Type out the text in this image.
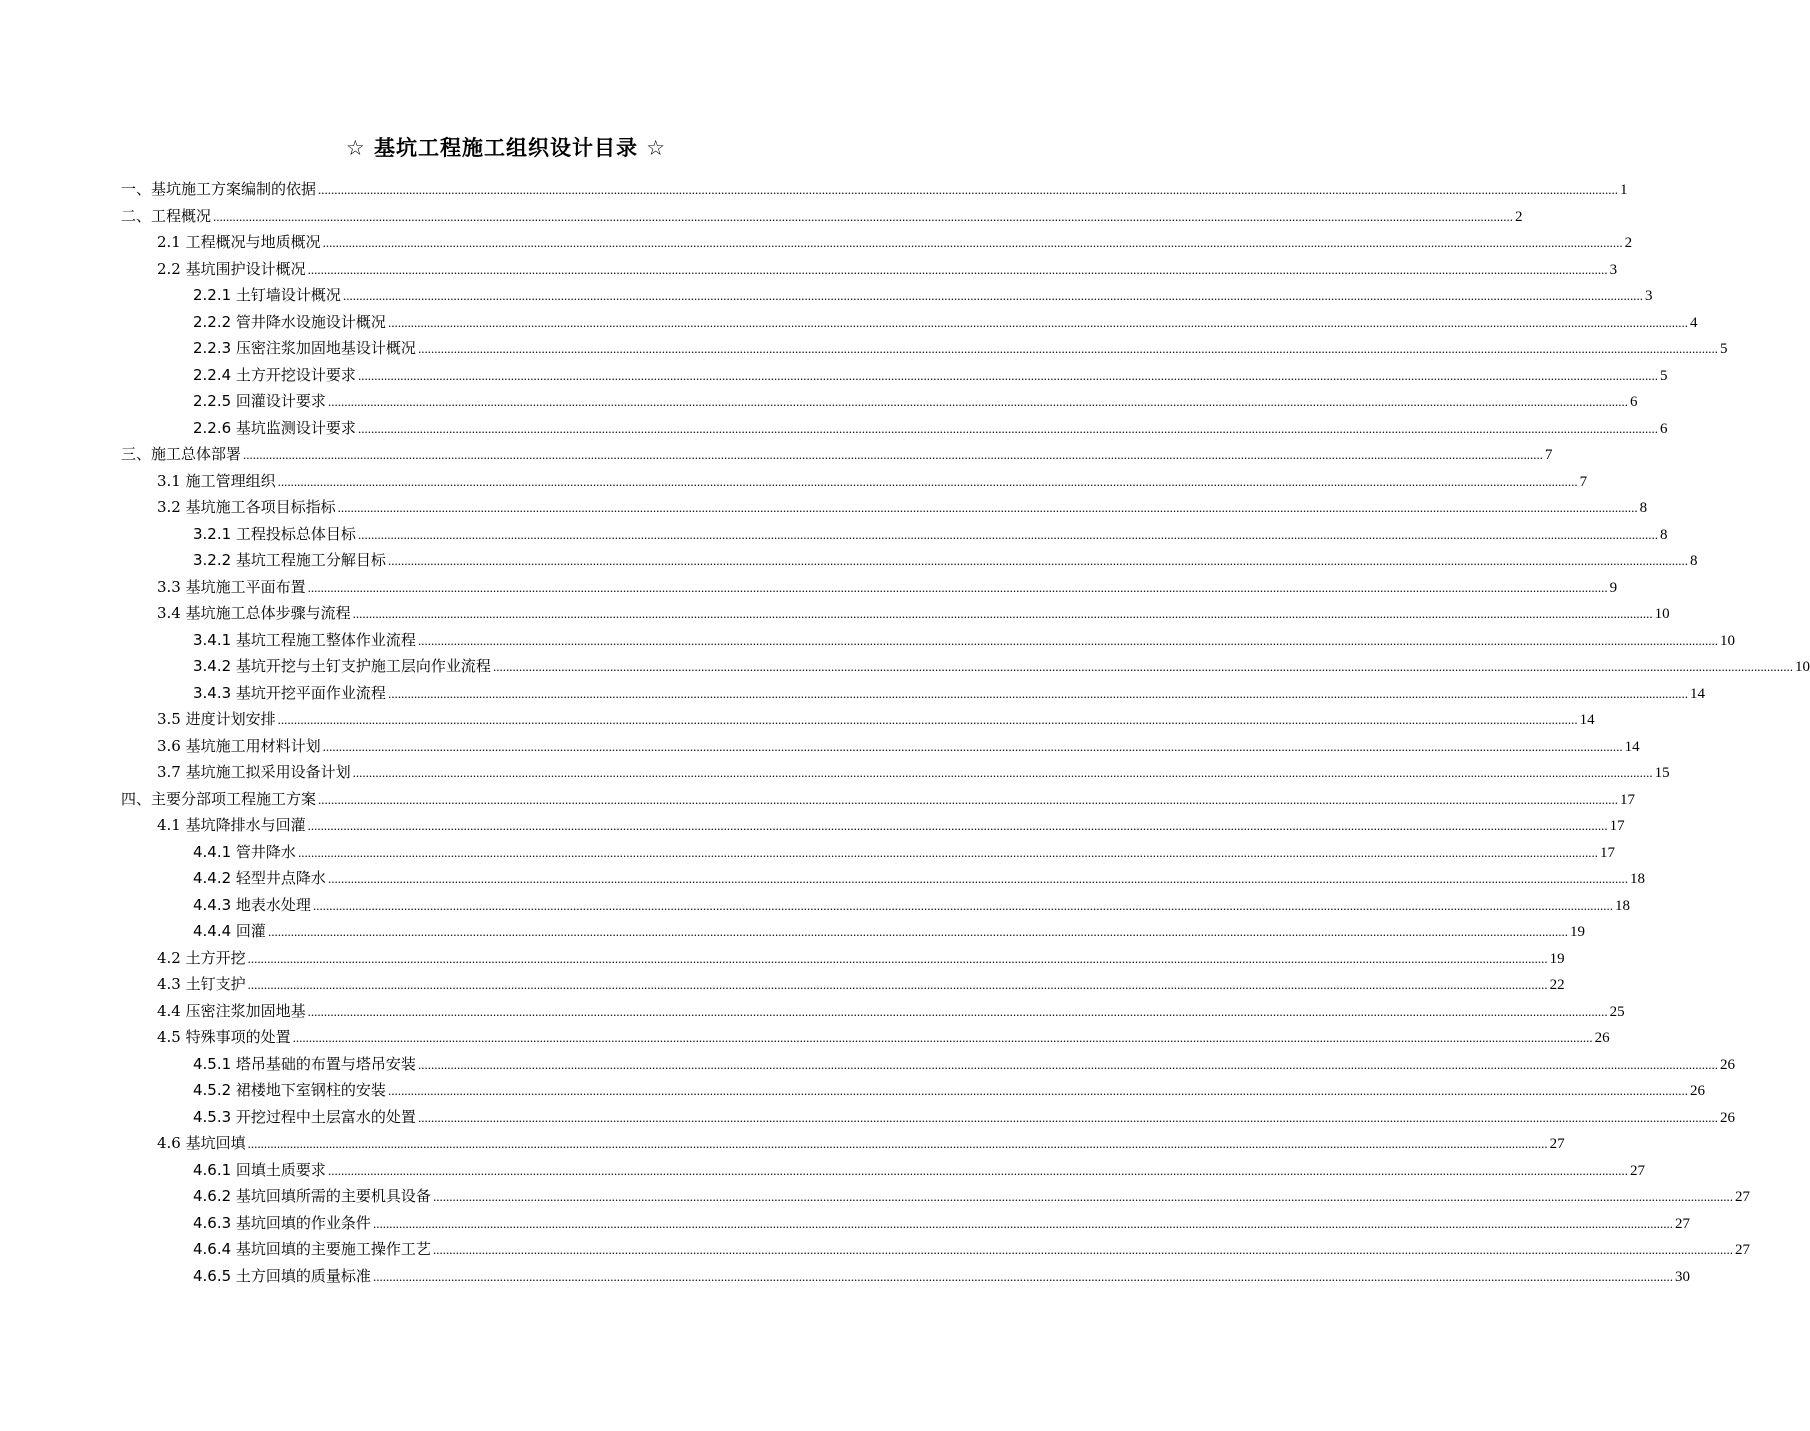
☆ 基坑工程施工组织设计目录 ☆
一、基坑施工方案编制的依据 ................................................................................................................................................................................................................................................................................................................................................................................................................ 1
二、工程概况 ................................................................................................................................................................................................................................................................................................................................................................................................................ 2
2.1 工程概况与地质概况 ................................................................................................................................................................................................................................................................................................................................................................................................................ 2
2.2 基坑围护设计概况 ................................................................................................................................................................................................................................................................................................................................................................................................................ 3
2.2.1 土钉墙设计概况 ................................................................................................................................................................................................................................................................................................................................................................................................................ 3
2.2.2 管井降水设施设计概况 ................................................................................................................................................................................................................................................................................................................................................................................................................ 4
2.2.3 压密注浆加固地基设计概况 ................................................................................................................................................................................................................................................................................................................................................................................................................ 5
2.2.4 土方开挖设计要求 ................................................................................................................................................................................................................................................................................................................................................................................................................ 5
2.2.5 回灌设计要求 ................................................................................................................................................................................................................................................................................................................................................................................................................ 6
2.2.6 基坑监测设计要求 ................................................................................................................................................................................................................................................................................................................................................................................................................ 6
三、施工总体部署 ................................................................................................................................................................................................................................................................................................................................................................................................................ 7
3.1 施工管理组织 ................................................................................................................................................................................................................................................................................................................................................................................................................ 7
3.2 基坑施工各项目标指标 ................................................................................................................................................................................................................................................................................................................................................................................................................ 8
3.2.1 工程投标总体目标 ................................................................................................................................................................................................................................................................................................................................................................................................................ 8
3.2.2 基坑工程施工分解目标 ................................................................................................................................................................................................................................................................................................................................................................................................................ 8
3.3 基坑施工平面布置 ................................................................................................................................................................................................................................................................................................................................................................................................................ 9
3.4 基坑施工总体步骤与流程 ................................................................................................................................................................................................................................................................................................................................................................................................................ 10
3.4.1 基坑工程施工整体作业流程 ................................................................................................................................................................................................................................................................................................................................................................................................................ 10
3.4.2 基坑开挖与土钉支护施工层向作业流程 ................................................................................................................................................................................................................................................................................................................................................................................................................ 10
3.4.3 基坑开挖平面作业流程 ................................................................................................................................................................................................................................................................................................................................................................................................................ 14
3.5 进度计划安排 ................................................................................................................................................................................................................................................................................................................................................................................................................ 14
3.6 基坑施工用材料计划 ................................................................................................................................................................................................................................................................................................................................................................................................................ 14
3.7 基坑施工拟采用设备计划 ................................................................................................................................................................................................................................................................................................................................................................................................................ 15
四、主要分部项工程施工方案 ................................................................................................................................................................................................................................................................................................................................................................................................................ 17
4.1 基坑降排水与回灌 ................................................................................................................................................................................................................................................................................................................................................................................................................ 17
4.4.1 管井降水 ................................................................................................................................................................................................................................................................................................................................................................................................................ 17
4.4.2 轻型井点降水 ................................................................................................................................................................................................................................................................................................................................................................................................................ 18
4.4.3 地表水处理 ................................................................................................................................................................................................................................................................................................................................................................................................................ 18
4.4.4 回灌 ................................................................................................................................................................................................................................................................................................................................................................................................................ 19
4.2 土方开挖 ................................................................................................................................................................................................................................................................................................................................................................................................................ 19
4.3 土钉支护 ................................................................................................................................................................................................................................................................................................................................................................................................................ 22
4.4 压密注浆加固地基 ................................................................................................................................................................................................................................................................................................................................................................................................................ 25
4.5 特殊事项的处置 ................................................................................................................................................................................................................................................................................................................................................................................................................ 26
4.5.1 塔吊基础的布置与塔吊安装 ................................................................................................................................................................................................................................................................................................................................................................................................................ 26
4.5.2 裙楼地下室钢柱的安装 ................................................................................................................................................................................................................................................................................................................................................................................................................ 26
4.5.3 开挖过程中土层富水的处置 ................................................................................................................................................................................................................................................................................................................................................................................................................ 26
4.6 基坑回填 ................................................................................................................................................................................................................................................................................................................................................................................................................ 27
4.6.1 回填土质要求 ................................................................................................................................................................................................................................................................................................................................................................................................................ 27
4.6.2 基坑回填所需的主要机具设备 ................................................................................................................................................................................................................................................................................................................................................................................................................ 27
4.6.3 基坑回填的作业条件 ................................................................................................................................................................................................................................................................................................................................................................................................................ 27
4.6.4 基坑回填的主要施工操作工艺 ................................................................................................................................................................................................................................................................................................................................................................................................................ 27
4.6.5 土方回填的质量标准 ................................................................................................................................................................................................................................................................................................................................................................................................................ 30
